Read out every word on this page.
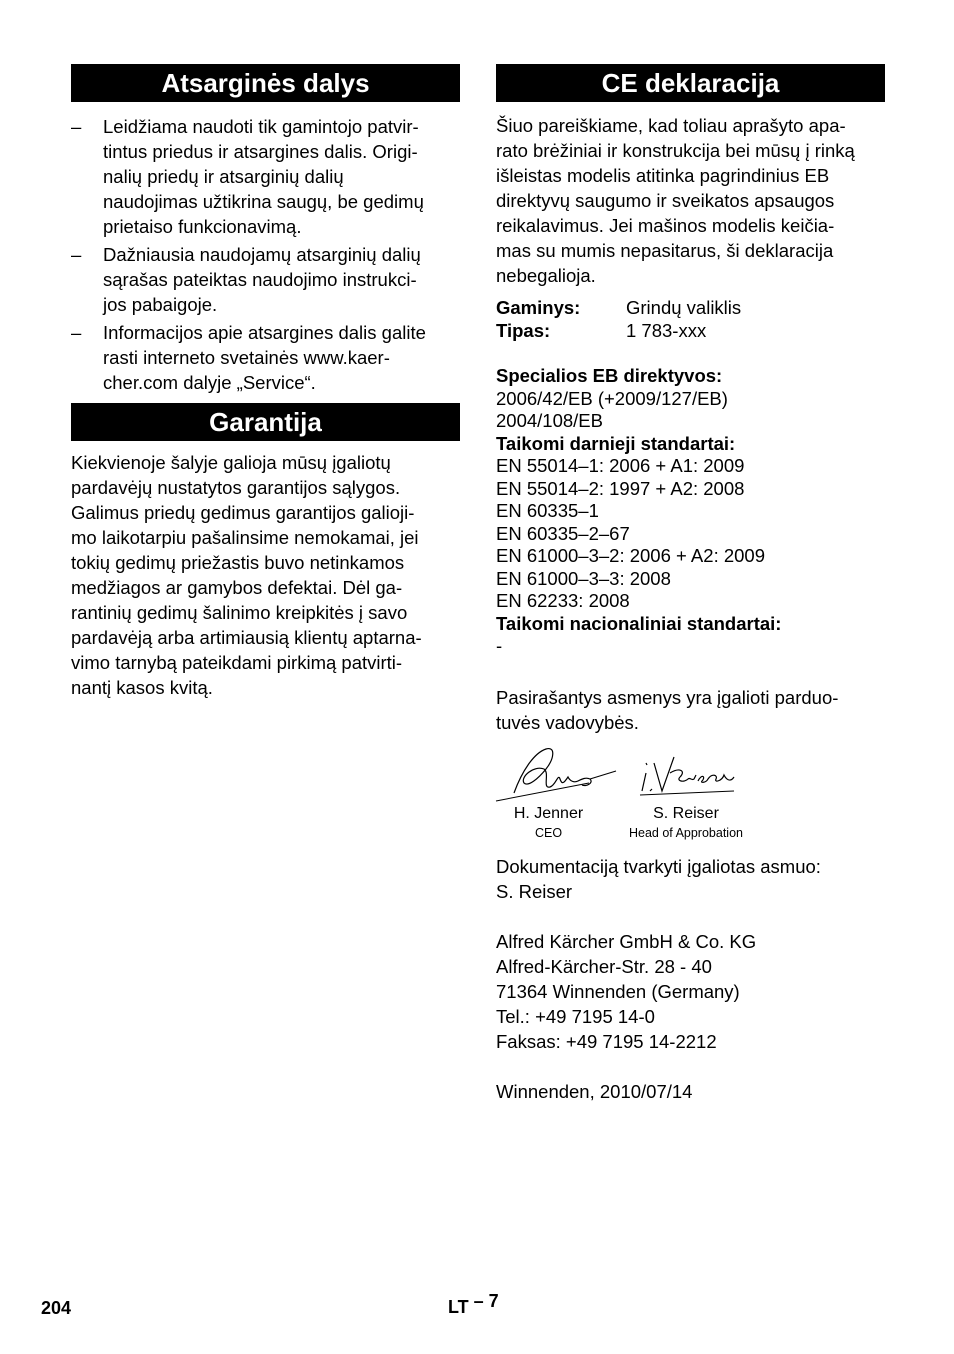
Atsarginės dalys
– Leidžiama naudoti tik gamintojo patvir-
tintus priedus ir atsargines dalis. Origi-
nalių priedų ir atsarginių dalių
naudojimas užtikrina saugų, be gedimų
prietaiso funkcionavimą.
– Dažniausia naudojamų atsarginių dalių
sąrašas pateiktas naudojimo instrukci-
jos pabaigoje.
– Informacijos apie atsargines dalis galite
rasti interneto svetainės www.kaer-
cher.com dalyje „Service“.
Garantija

Kiekvienoje šalyje galioja mūsų įgaliotų
pardavėjų nustatytos garantijos sąlygos.
Galimus priedų gedimus garantijos galioji-
mo laikotarpiu pašalinsime nemokamai, jei
tokių gedimų priežastis buvo netinkamos
medžiagos ar gamybos defektai. Dėl ga-
rantinių gedimų šalinimo kreipkitės į savo
pardavėją arba artimiausią klientų aptarna-
vimo tarnybą pateikdami pirkimą patvirti-
nantį kasos kvitą.

CE deklaracija

Šiuo pareiškiame, kad toliau aprašyto apa-
rato brėžiniai ir konstrukcija bei mūsų į rinką
išleistas modelis atitinka pagrindinius EB
direktyvų saugumo ir sveikatos apsaugos
reikalavimus. Jei mašinos modelis keičia-
mas su mumis nepasitarus, ši deklaracija
nebegalioja.

Gaminys:	Grindų valiklis
Tipas:	1 783-xxx
Specialios EB direktyvos:
2006/42/EB (+2009/127/EB)
2004/108/EB
Taikomi darnieji standartai:
EN 55014–1: 2006 + A1: 2009
EN 55014–2: 1997 + A2: 2008
EN 60335–1
EN 60335–2–67
EN 61000–3–2: 2006 + A2: 2009
EN 61000–3–3: 2008
EN 62233: 2008
Taikomi nacionaliniai standartai:
-

Pasirašantys asmenys yra įgalioti parduo-
tuvės vadovybės.

H. Jenner
CEO
S. Reiser
Head of Approbation

Dokumentaciją tvarkyti įgaliotas asmuo:
S. Reiser

Alfred Kärcher GmbH & Co. KG
Alfred-Kärcher-Str. 28 - 40
71364 Winnenden (Germany)
Tel.: +49 7195 14-0
Faksas: +49 7195 14-2212

Winnenden, 2010/07/14

204	LT – 7
